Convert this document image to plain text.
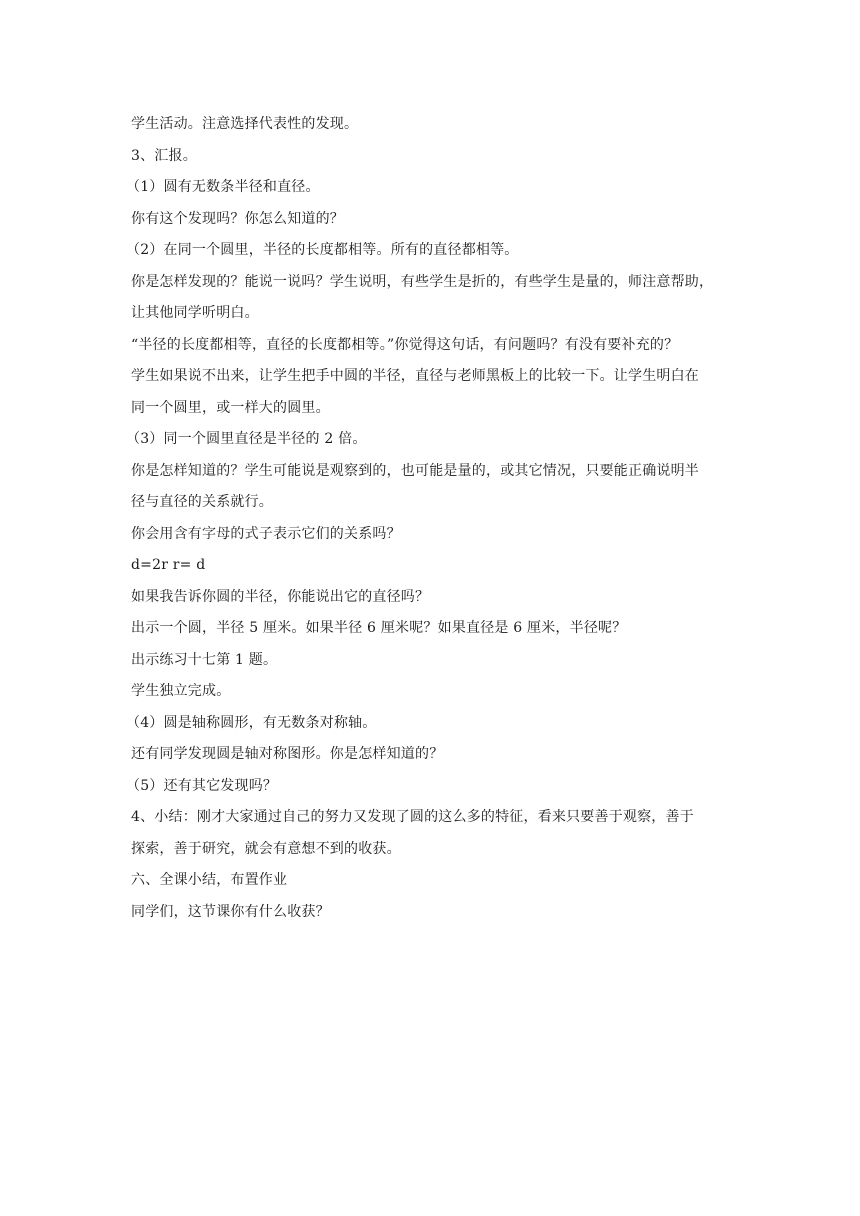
学生活动。注意选择代表性的发现。
3、汇报。
（1）圆有无数条半径和直径。
你有这个发现吗？你怎么知道的？
（2）在同一个圆里，半径的长度都相等。所有的直径都相等。
你是怎样发现的？能说一说吗？学生说明，有些学生是折的，有些学生是量的，师注意帮助，
让其他同学听明白。
“半径的长度都相等，直径的长度都相等。”你觉得这句话，有问题吗？有没有要补充的？
学生如果说不出来，让学生把手中圆的半径，直径与老师黑板上的比较一下。让学生明白在
同一个圆里，或一样大的圆里。
（3）同一个圆里直径是半径的 2 倍。
你是怎样知道的？学生可能说是观察到的，也可能是量的，或其它情况，只要能正确说明半
径与直径的关系就行。
你会用含有字母的式子表示它们的关系吗？
d=2r r= d
如果我告诉你圆的半径，你能说出它的直径吗？
出示一个圆，半径 5 厘米。如果半径 6 厘米呢？如果直径是 6 厘米，半径呢？
出示练习十七第 1 题。
学生独立完成。
（4）圆是轴称圆形，有无数条对称轴。
还有同学发现圆是轴对称图形。你是怎样知道的？
（5）还有其它发现吗？
4、小结：刚才大家通过自己的努力又发现了圆的这么多的特征，看来只要善于观察，善于
探索，善于研究，就会有意想不到的收获。
六、全课小结，布置作业
同学们，这节课你有什么收获？
